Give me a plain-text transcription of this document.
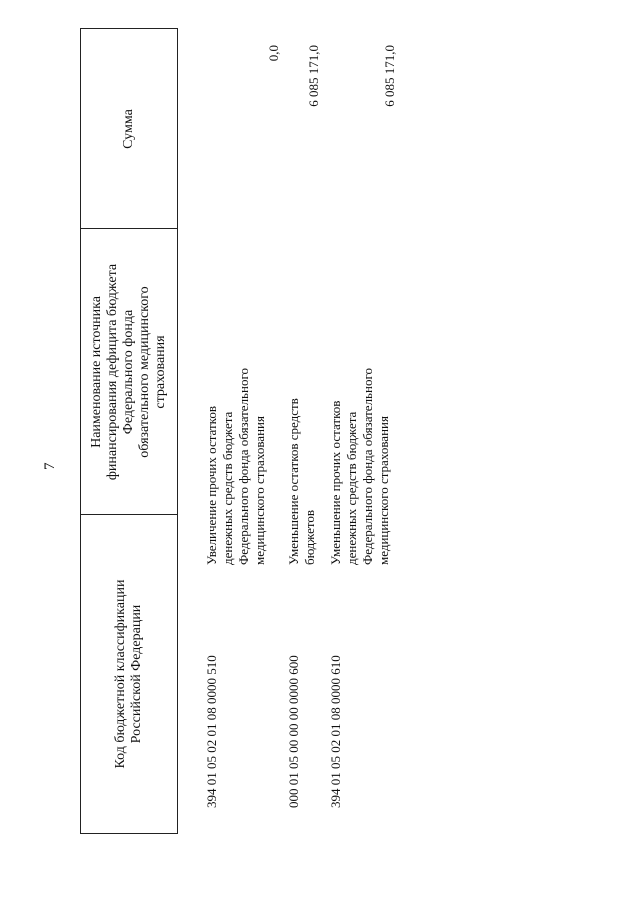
7
Код бюджетной классификации Российской Федерации
Наименование источника финансирования дефицита бюджета Федерального фонда обязательного медицинского страхования
Сумма
394 01 05 02 01 08 0000 510
Увеличение прочих остатков денежных средств бюджета Федерального фонда обязательного медицинского страхования
0,0
000 01 05 00 00 00 0000 600
Уменьшение остатков средств бюджетов
6 085 171,0
394 01 05 02 01 08 0000 610
Уменьшение прочих остатков денежных средств бюджета Федерального фонда обязательного медицинского страхования
6 085 171,0
